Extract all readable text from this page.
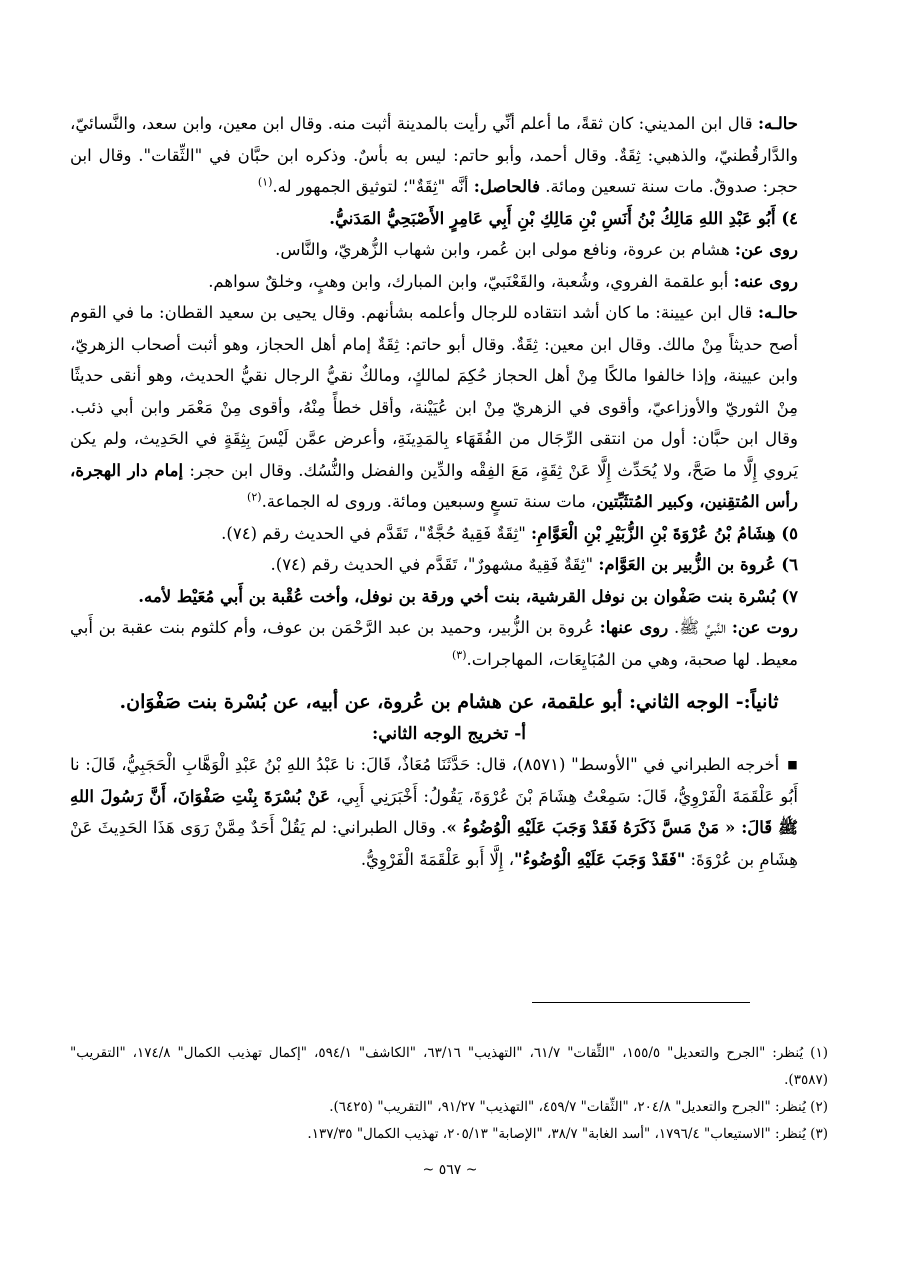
حالـه: قال ابن المديني: كان ثقةً، ما أعلم أنِّي رأيت بالمدينة أثبت منه. وقال ابن معين، وابن سعد، والنَّسائيّ، والدَّارقُطنيّ، والذهبي: ثِقَةٌ. وقال أحمد، وأبو حاتم: ليس به بأسٌ. وذكره ابن حبَّان في "الثِّقات". وقال ابن حجر: صدوقٌ. مات سنة تسعين ومائة. فالحاصل: أنَّه "ثِقَةٌ"؛ لتوثيق الجمهور له.$^{(١)}$

٤) أَبُو عَبْدِ اللهِ مَالِكُ بْنُ أَنَسِ بْنِ مَالِكِ بْنِ أَبِي عَامِرٍ الأَصْبَحِيُّ المَدَنيُّ.

روى عن: هشام بن عروة، ونافع مولى ابن عُمر، وابن شهاب الزُّهريّ، والنَّاس.

روى عنه: أبو علقمة الفروي، وشُعبة، والقَعْنَبيّ، وابن المبارك، وابن وهبٍ، وخلقٌ سواهم.

حالـه: قال ابن عيينة: ما كان أشد انتقاده للرجال وأعلمه بشأنهم. وقال يحيى بن سعيد القطان: ما في القوم أصح حديثاً مِنْ مالك. وقال ابن معين: ثِقَةٌ. وقال أبو حاتم: ثِقَةٌ إمام أهل الحجاز، وهو أثبت أصحاب الزهريّ، وابن عيينة، وإذا خالفوا مالكًا مِنْ أهل الحجاز حُكِمَ لمالكٍ، ومالكٌ نقيُّ الرجال نقيُّ الحديث، وهو أنقى حديثًا مِنْ الثوريّ والأوزاعيّ، وأقوى في الزهريّ مِنْ ابن عُيَيْنة، وأقل خطأً مِنْهُ، وأقوى مِنْ مَعْمَر وابن أبي ذئب. وقال ابن حبَّان: أول من انتقى الرِّجَال من الفُقَهَاء بِالمَدِينَةِ، وأعرض عمَّن لَيْسَ بِثِقَةٍ في الحَدِيث، ولم يكن يَروي إِلَّا ما صَحَّ، ولا يُحَدِّث إِلَّا عَنْ ثِقَةٍ، مَعَ الفِقْه والدِّين والفضل والنُّسُك. وقال ابن حجر: إمام دار الهجرة، رأس المُتقِنين، وكبير المُتثَبِّتين، مات سنة تسعٍ وسبعين ومائة. وروى له الجماعة.$^{(٢)}$

٥) هِشَامُ بْنُ عُرْوَةَ بْنِ الزُّبَيْرِ بْنِ الْعَوَّامِ: "ثِقَةٌ فَقِيهٌ حُجَّةٌ"، تَقَدَّم في الحديث رقم (٧٤).

٦) عُروة بن الزُّبير بن العَوَّام: "ثِقَةٌ فَقِيهٌ مشهورٌ"، تَقَدَّم في الحديث رقم (٧٤).

٧) بُسْرة بنت صَفْوان بن نوفل القرشية، بنت أخي ورقة بن نوفل، وأخت عُقْبة بن أَبي مُعَيْط لأمه.

روت عن: النَّبيِّ ﷺ. روى عنها: عُروة بن الزُّبير، وحميد بن عبد الرَّحْمَن بن عوف، وأم كلثوم بنت عقبة بن أَبي معيط. لها صحبة، وهي من المُبَايِعَات، المهاجرات.$^{(٣)}$

ثانياً:- الوجه الثاني: أبو علقمة، عن هشام بن عُروة، عن أبيه، عن بُسْرة بنت صَفْوَان.
أ- تخريج الوجه الثاني:

■ أخرجه الطبراني في "الأوسط" (٨٥٧١)، قال: حَدَّثَنَا مُعَاذٌ، قَالَ: نا عَبْدُ اللهِ بْنُ عَبْدِ الْوَهَّابِ الْحَجَبِيُّ، قَالَ: نا أَبُو عَلْقَمَةَ الْفَرْوِيُّ، قَالَ: سَمِعْتُ هِشَامَ بْنَ عُرْوَةَ، يَقُولُ: أَخْبَرَنِي أَبِي، عَنْ بُسْرَةَ بِنْتِ صَفْوَانَ، أَنَّ رَسُولَ اللهِ ﷺ قَالَ: « مَنْ مَسَّ ذَكَرَهُ فَقَدْ وَجَبَ عَلَيْهِ الْوُضُوءُ ». وقال الطبراني: لم يَقُلْ أَحَدٌ مِمَّنْ رَوَى هَذَا الحَدِيثَ عَنْ هِشَامِ بن عُرْوَةَ: "فَقَدْ وَجَبَ عَلَيْهِ الْوُضُوءُ"، إِلَّا أَبو عَلْقَمَةَ الْفَرْوِيُّ.

(١) يُنظر: "الجرح والتعديل" ١٥٥/٥، "الثِّقات" ٦١/٧، "التهذيب" ٦٣/١٦، "الكاشف" ٥٩٤/١، "إكمال تهذيب الكمال" ١٧٤/٨، "التقريب" (٣٥٨٧).

(٢) يُنظر: "الجرح والتعديل" ٢٠٤/٨، "الثِّقات" ٤٥٩/٧، "التهذيب" ٩١/٢٧، "التقريب" (٦٤٢٥).

(٣) يُنظر: "الاستيعاب" ١٧٩٦/٤، "أسد الغابة" ٣٨/٧، "الإصابة" ٢٠٥/١٣، تهذيب الكمال" ١٣٧/٣٥.

~ ٥٦٧ ~
